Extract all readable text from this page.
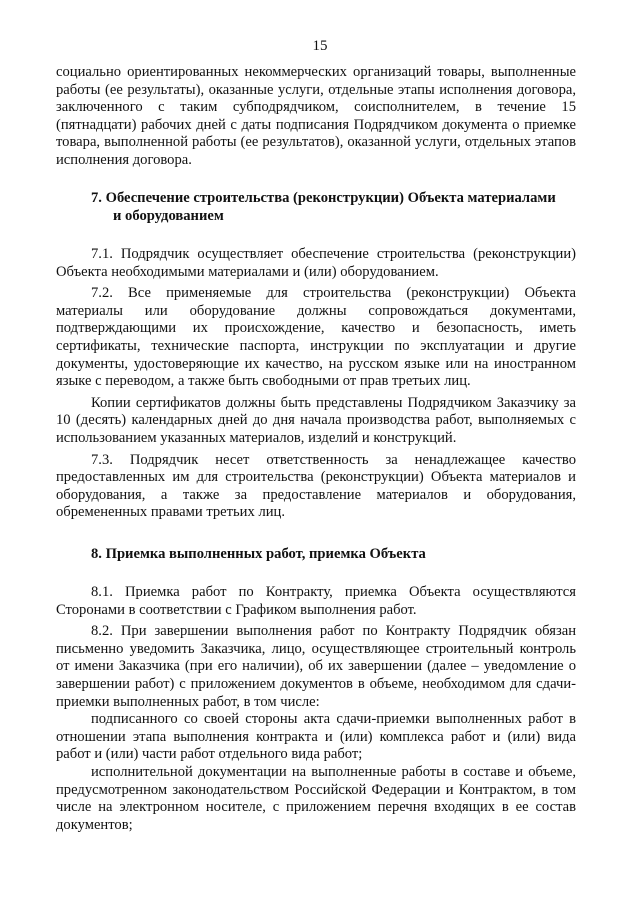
15

социально ориентированных некоммерческих организаций товары, выполненные работы (ее результаты), оказанные услуги, отдельные этапы исполнения договора, заключенного с таким субподрядчиком, соисполнителем, в течение 15 (пятнадцати) рабочих дней с даты подписания Подрядчиком документа о приемке товара, выполненной работы (ее результатов), оказанной услуги, отдельных этапов исполнения договора.

7. Обеспечение строительства (реконструкции) Объекта материалами
и оборудованием

7.1. Подрядчик осуществляет обеспечение строительства (реконструкции) Объекта необходимыми материалами и (или) оборудованием.

7.2. Все применяемые для строительства (реконструкции) Объекта материалы или оборудование должны сопровождаться документами, подтверждающими их происхождение, качество и безопасность, иметь сертификаты, технические паспорта, инструкции по эксплуатации и другие документы, удостоверяющие их качество, на русском языке или на иностранном языке с переводом, а также быть свободными от прав третьих лиц.

Копии сертификатов должны быть представлены Подрядчиком Заказчику за 10 (десять) календарных дней до дня начала производства работ, выполняемых с использованием указанных материалов, изделий и конструкций.

7.3. Подрядчик несет ответственность за ненадлежащее качество предоставленных им для строительства (реконструкции) Объекта материалов и оборудования, а также за предоставление материалов и оборудования, обремененных правами третьих лиц.

8. Приемка выполненных работ, приемка Объекта

8.1. Приемка работ по Контракту, приемка Объекта осуществляются Сторонами в соответствии с Графиком выполнения работ.

8.2. При завершении выполнения работ по Контракту Подрядчик обязан письменно уведомить Заказчика, лицо, осуществляющее строительный контроль от имени Заказчика (при его наличии), об их завершении (далее – уведомление о завершении работ) с приложением документов в объеме, необходимом для сдачи-приемки выполненных работ, в том числе:

подписанного со своей стороны акта сдачи-приемки выполненных работ в отношении этапа выполнения контракта и (или) комплекса работ и (или) вида работ и (или) части работ отдельного вида работ;

исполнительной документации на выполненные работы в составе и объеме, предусмотренном законодательством Российской Федерации и Контрактом, в том числе на электронном носителе, с приложением перечня входящих в ее состав документов;
